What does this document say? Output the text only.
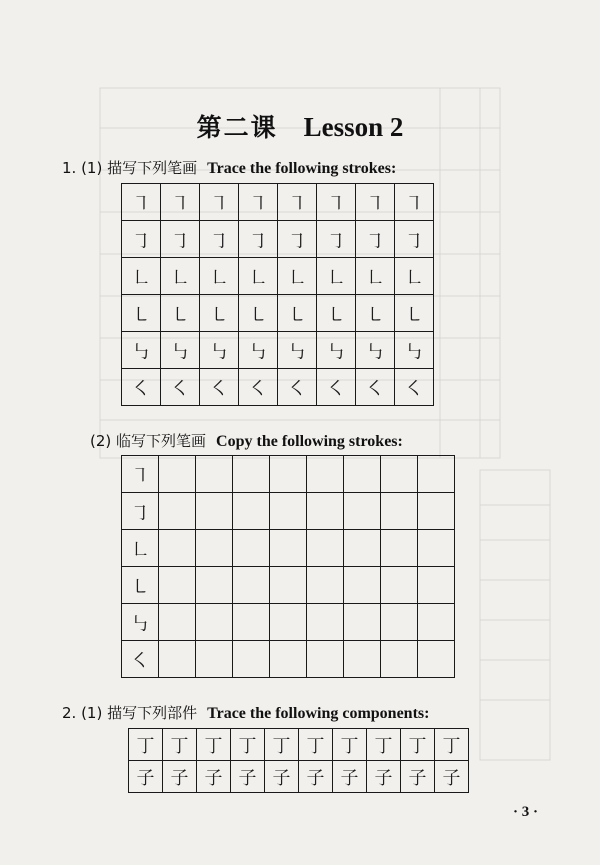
第二课 Lesson 2
1. (1) 描写下列笔画 Trace the following strokes:
㇕	㇕	㇕	㇕	㇕	㇕	㇕	㇕
㇆	㇆	㇆	㇆	㇆	㇆	㇆	㇆
㇗	㇗	㇗	㇗	㇗	㇗	㇗	㇗
㇄	㇄	㇄	㇄	㇄	㇄	㇄	㇄
㇉	㇉	㇉	㇉	㇉	㇉	㇉	㇉
㇛	㇛	㇛	㇛	㇛	㇛	㇛	㇛
(2) 临写下列笔画 Copy the following strokes:
㇕								
㇆								
㇗								
㇄								
㇉								
㇛								
2. (1) 描写下列部件 Trace the following components:
丁	丁	丁	丁	丁	丁	丁	丁	丁	丁
子	子	子	子	子	子	子	子	子	子
· 3 ·
